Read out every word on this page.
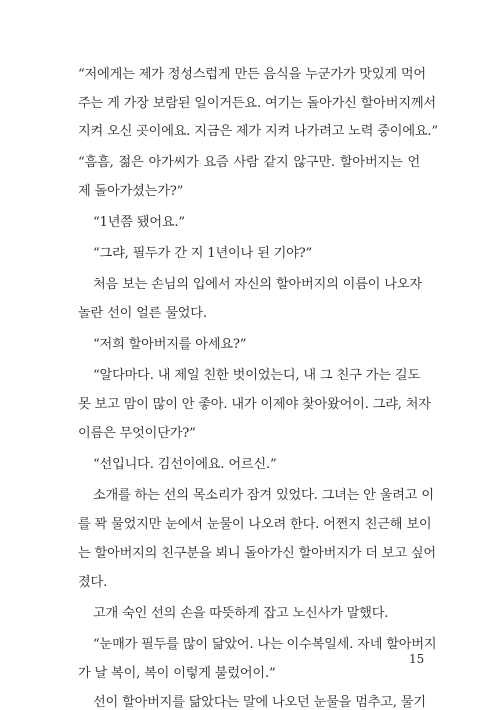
“저에게는 제가 정성스럽게 만든 음식을 누군가가 맛있게 먹어
주는 게 가장 보람된 일이거든요. 여기는 돌아가신 할아버지께서
지켜 오신 곳이에요. 지금은 제가 지켜 나가려고 노력 중이에요.”
“흠흠, 젊은 아가씨가 요즘 사람 같지 않구만. 할아버지는 언
제 돌아가셨는가?”
“1년쯤 됐어요.”
“그랴, 필두가 간 지 1년이나 된 기야?”
처음 보는 손님의 입에서 자신의 할아버지의 이름이 나오자
놀란 선이 얼른 물었다.
“저희 할아버지를 아세요?”
“알다마다. 내 제일 친한 벗이었는디, 내 그 친구 가는 길도
못 보고 맘이 많이 안 좋아. 내가 이제야 찾아왔어이. 그랴, 처자
이름은 무엇이단가?”
“선입니다. 김선이에요. 어르신.”
소개를 하는 선의 목소리가 잠겨 있었다. 그녀는 안 울려고 이
를 꽉 물었지만 눈에서 눈물이 나오려 한다. 어쩐지 친근해 보이
는 할아버지의 친구분을 뵈니 돌아가신 할아버지가 더 보고 싶어
졌다.
고개 숙인 선의 손을 따뜻하게 잡고 노신사가 말했다.
“눈매가 필두를 많이 닮았어. 나는 이수복일세. 자네 할아버지
가 날 복이, 복이 이렇게 불렀어이.”
선이 할아버지를 닮았다는 말에 나오던 눈물을 멈추고, 물기
15
